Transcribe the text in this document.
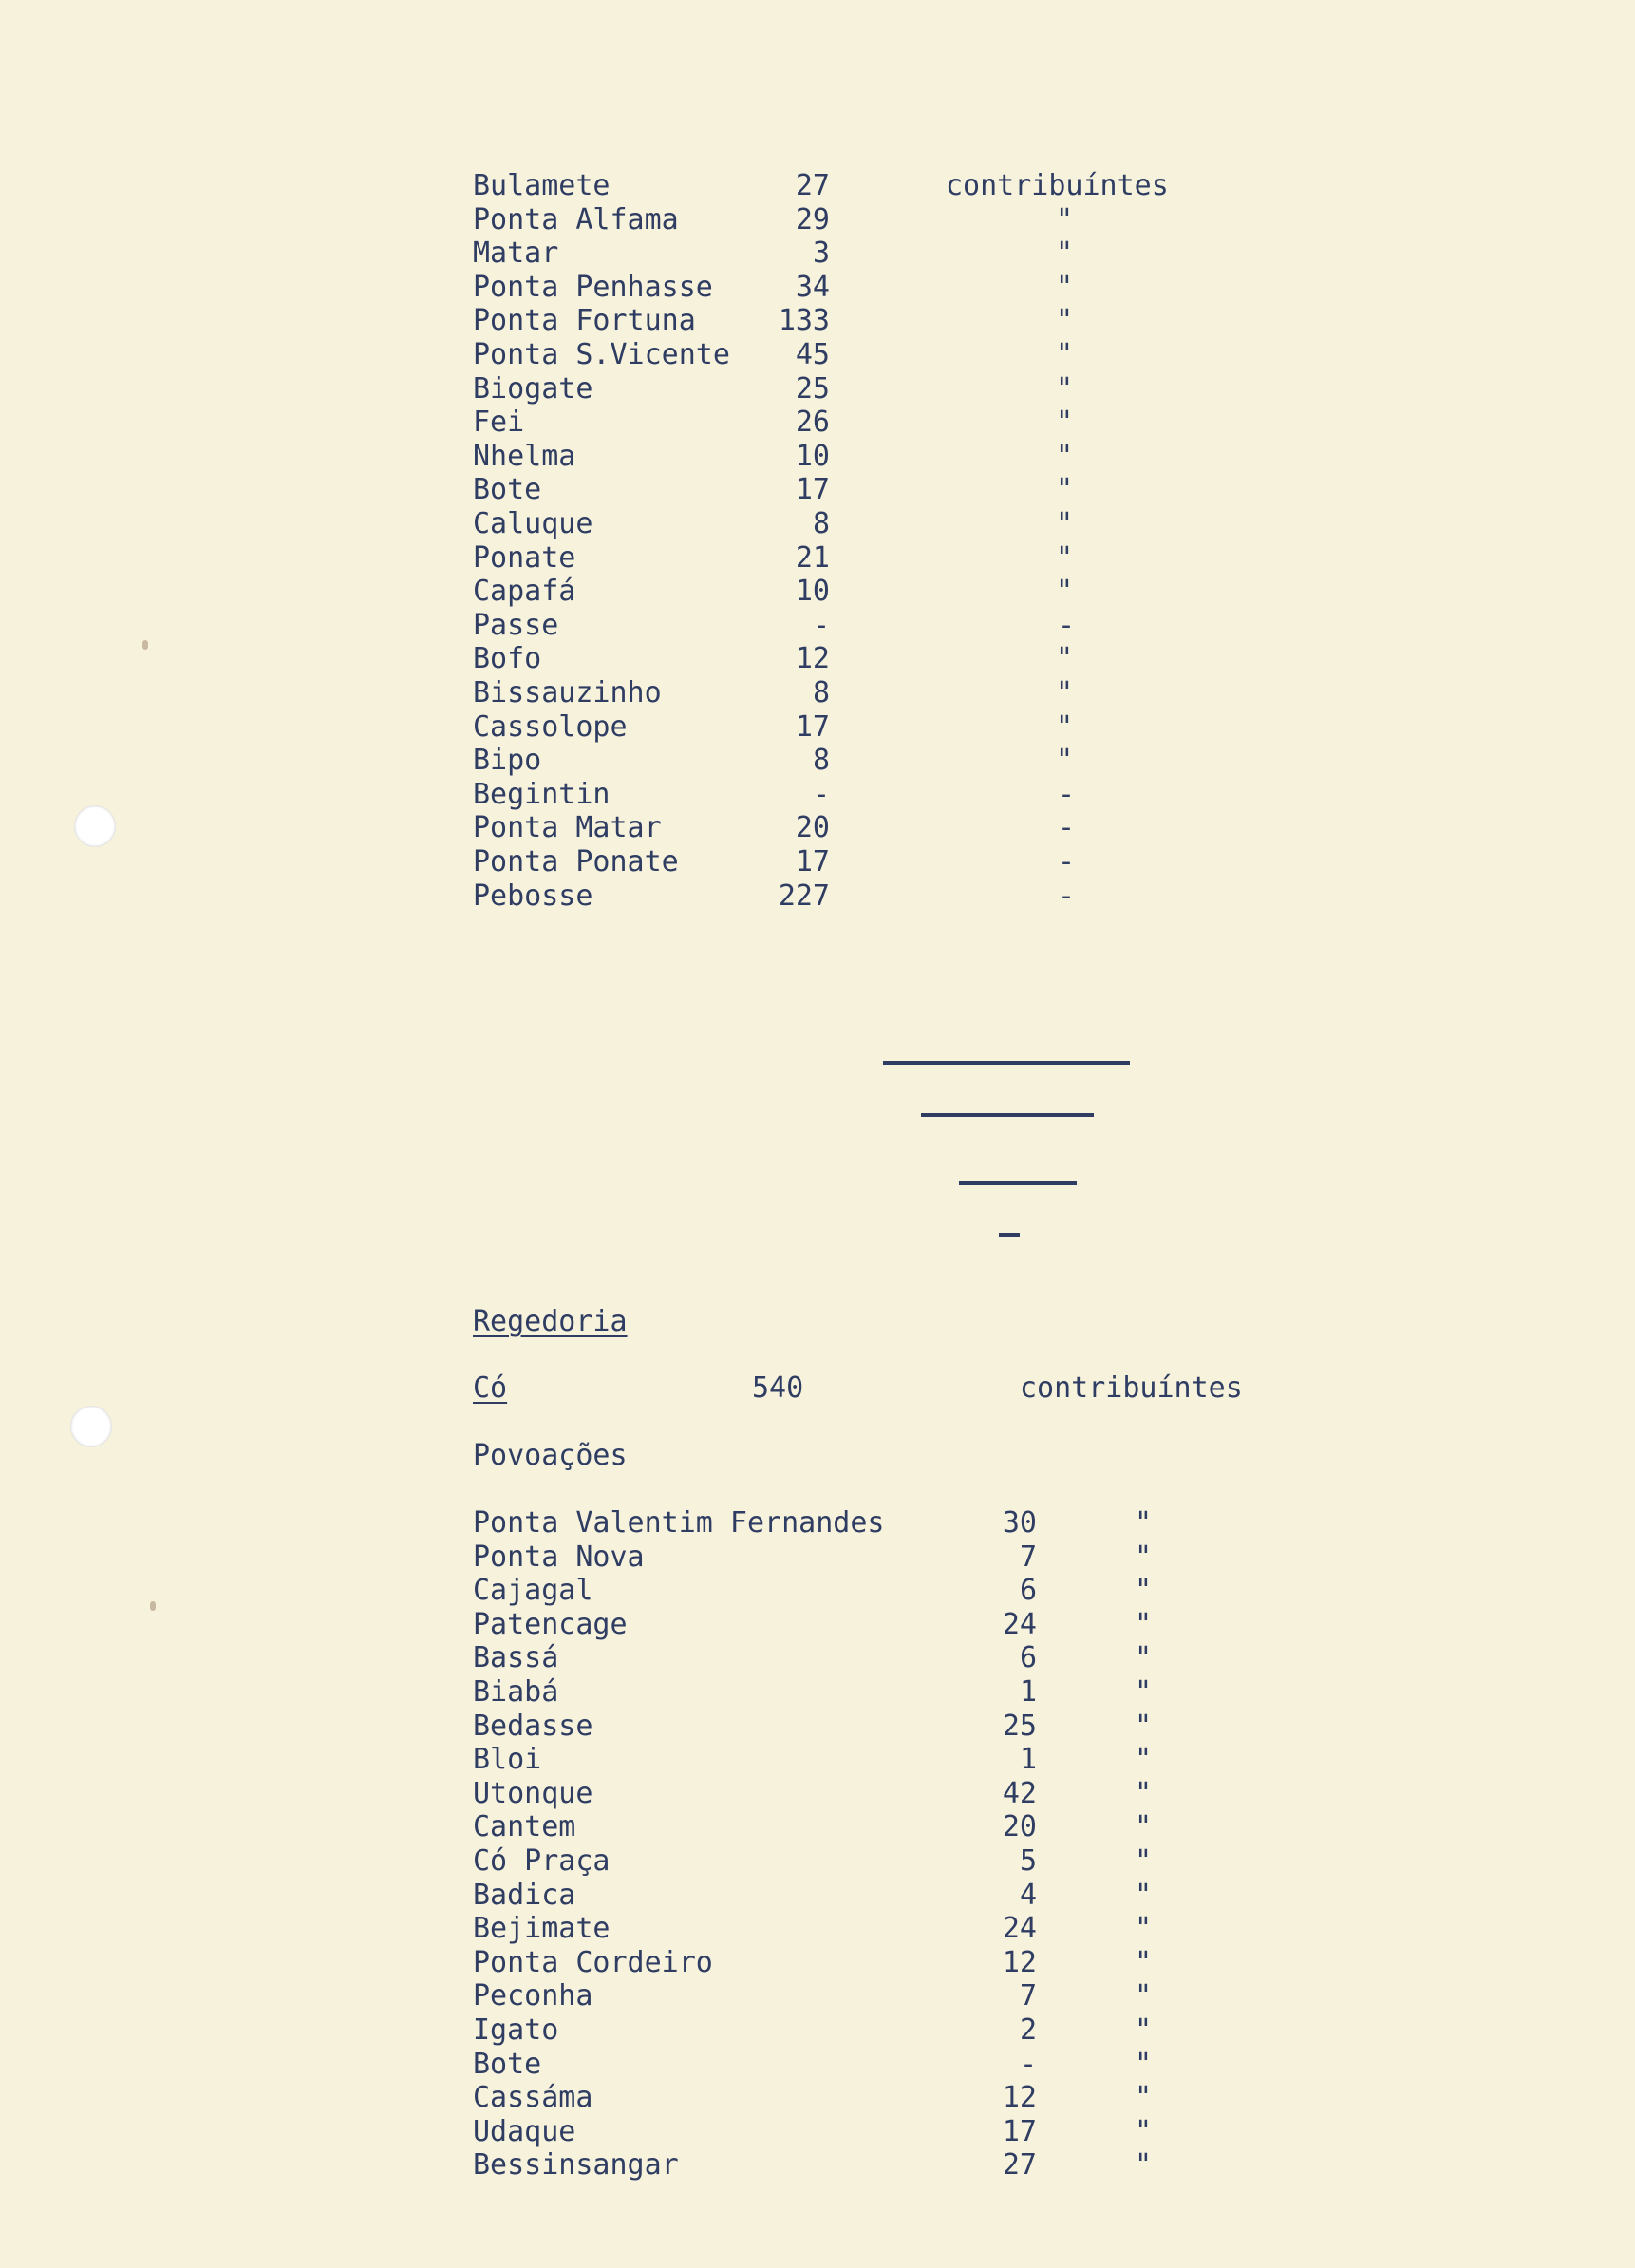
Bulamete	27	contribuíntes
Ponta Alfama	29	"
Matar	3	"
Ponta Penhasse	34	"
Ponta Fortuna	133	"
Ponta S.Vicente	45	"
Biogate	25	"
Fei	26	"
Nhelma	10	"
Bote	17	"
Caluque	8	"
Ponate	21	"
Capafá	10	"
Passe	-	-
Bofo	12	"
Bissauzinho	8	"
Cassolope	17	"
Bipo	8	"
Begintin	-	-
Ponta Matar	20	-
Ponta Ponate	17	-
Pebosse	227	-
Regedoria
Có	540	contribuíntes
Povoações
Ponta Valentim Fernandes	30	"
Ponta Nova	7	"
Cajagal	6	"
Patencage	24	"
Bassá	6	"
Biabá	1	"
Bedasse	25	"
Bloi	1	"
Utonque	42	"
Cantem	20	"
Có Praça	5	"
Badica	4	"
Bejimate	24	"
Ponta Cordeiro	12	"
Peconha	7	"
Igato	2	"
Bote	-	"
Cassáma	12	"
Udaque	17	"
Bessinsangar	27	"
